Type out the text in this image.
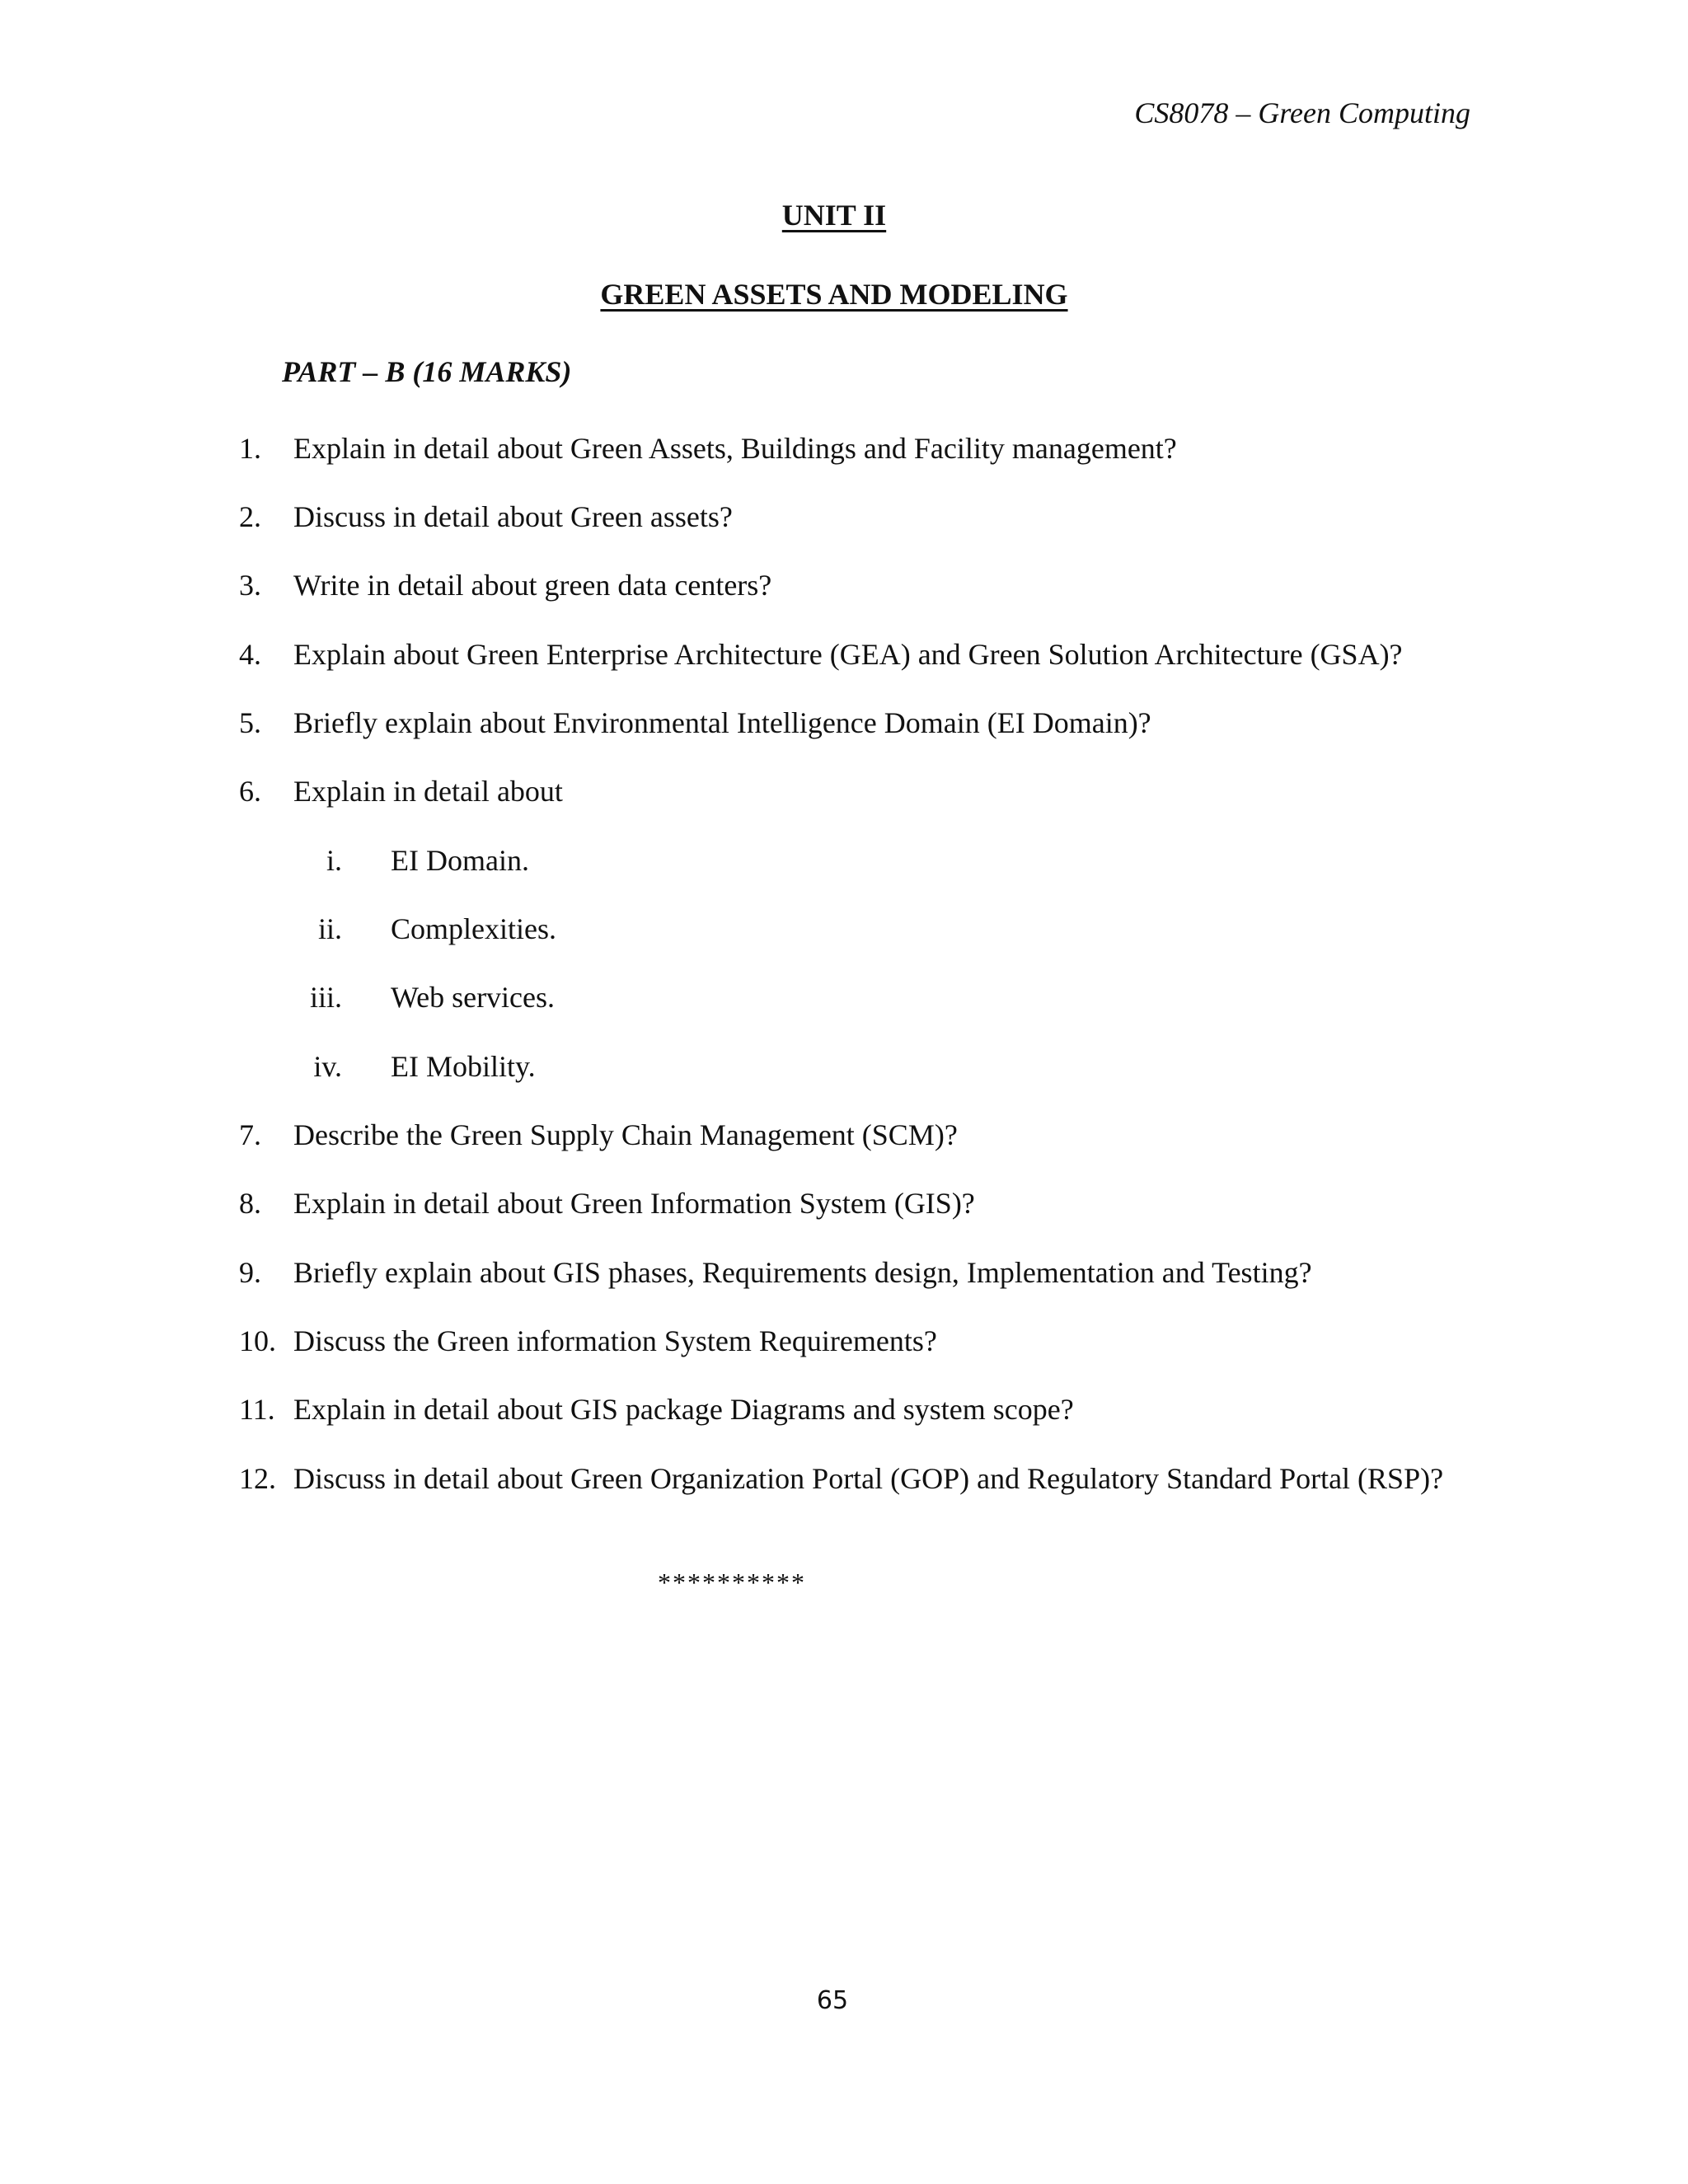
CS8078 – Green Computing
UNIT II
GREEN ASSETS AND MODELING
PART – B (16 MARKS)
1.	Explain in detail about Green Assets, Buildings and Facility management?
2.	Discuss in detail about Green assets?
3.	Write in detail about green data centers?
4.	Explain about Green Enterprise Architecture (GEA) and Green Solution Architecture (GSA)?
5.	Briefly explain about Environmental Intelligence Domain (EI Domain)?
6.	Explain in detail about
i. EI Domain.
ii. Complexities.
iii. Web services.
iv. EI Mobility.
7.	Describe the Green Supply Chain Management (SCM)?
8.	Explain in detail about Green Information System (GIS)?
9.	Briefly explain about GIS phases, Requirements design, Implementation and Testing?
10. Discuss the Green information System Requirements?
11. Explain in detail about GIS package Diagrams and system scope?
12. Discuss in detail about Green Organization Portal (GOP) and Regulatory Standard Portal (RSP)?
**********
65
